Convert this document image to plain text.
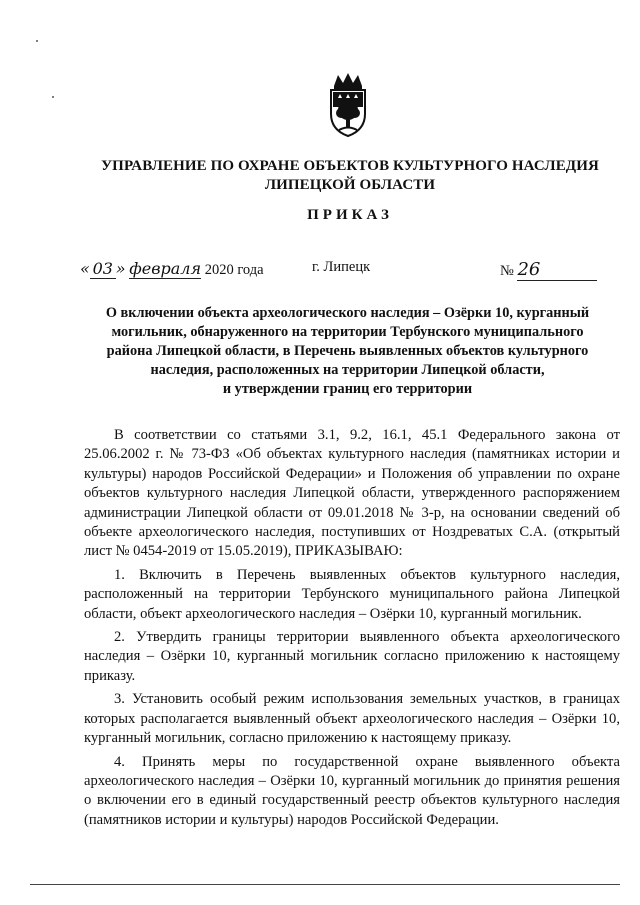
УПРАВЛЕНИЕ ПО ОХРАНЕ ОБЪЕКТОВ КУЛЬТУРНОГО НАСЛЕДИЯ
ЛИПЕЦКОЙ ОБЛАСТИ
ПРИКАЗ
« 03 » февраля 2020 года	г. Липецк	№ 26
О включении объекта археологического наследия – Озёрки 10, курганный
могильник, обнаруженного на территории Тербунского муниципального
района Липецкой области, в Перечень выявленных объектов культурного
наследия, расположенных на территории Липецкой области,
и утверждении границ его территории

В соответствии со статьями 3.1, 9.2, 16.1, 45.1 Федерального закона от 25.06.2002 г. № 73-ФЗ «Об объектах культурного наследия (памятниках истории и культуры) народов Российской Федерации» и Положения об управлении по охране объектов культурного наследия Липецкой области, утвержденного распоряжением администрации Липецкой области от 09.01.2018 № 3-р, на основании сведений об объекте археологического наследия, поступивших от Ноздреватых С.А. (открытый лист № 0454-2019 от 15.05.2019), ПРИКАЗЫВАЮ:

1. Включить в Перечень выявленных объектов культурного наследия, расположенный на территории Тербунского муниципального района Липецкой области, объект археологического наследия – Озёрки 10, курганный могильник.

2. Утвердить границы территории выявленного объекта археологического наследия – Озёрки 10, курганный могильник согласно приложению к настоящему приказу.

3. Установить особый режим использования земельных участков, в границах которых располагается выявленный объект археологического наследия – Озёрки 10, курганный могильник, согласно приложению к настоящему приказу.

4. Принять меры по государственной охране выявленного объекта археологического наследия – Озёрки 10, курганный могильник до принятия решения о включении его в единый государственный реестр объектов культурного наследия (памятников истории и культуры) народов Российской Федерации.
